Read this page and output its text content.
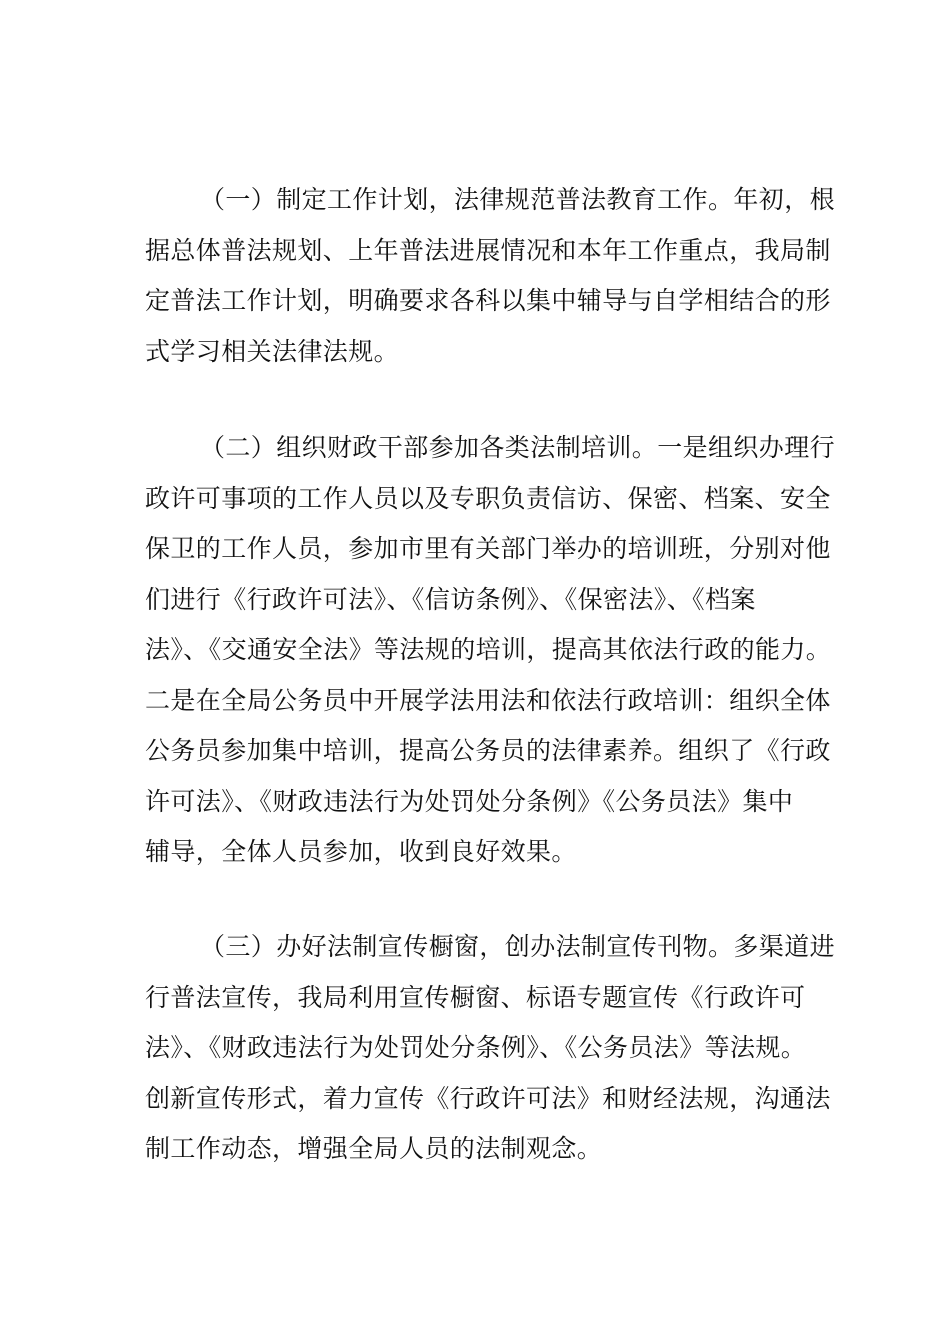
（一）制定工作计划，法律规范普法教育工作。年初，根
据总体普法规划、上年普法进展情况和本年工作重点，我局制
定普法工作计划，明确要求各科以集中辅导与自学相结合的形
式学习相关法律法规。

（二）组织财政干部参加各类法制培训。一是组织办理行
政许可事项的工作人员以及专职负责信访、保密、档案、安全
保卫的工作人员，参加市里有关部门举办的培训班，分别对他
们进行《行政许可法》、《信访条例》、《保密法》、《档案
法》、《交通安全法》等法规的培训，提高其依法行政的能力。
二是在全局公务员中开展学法用法和依法行政培训：组织全体
公务员参加集中培训，提高公务员的法律素养。组织了《行政
许可法》、《财政违法行为处罚处分条例》《公务员法》集中
辅导，全体人员参加，收到良好效果。

（三）办好法制宣传橱窗，创办法制宣传刊物。多渠道进
行普法宣传，我局利用宣传橱窗、标语专题宣传《行政许可
法》、《财政违法行为处罚处分条例》、《公务员法》等法规。
创新宣传形式，着力宣传《行政许可法》和财经法规，沟通法
制工作动态，增强全局人员的法制观念。
